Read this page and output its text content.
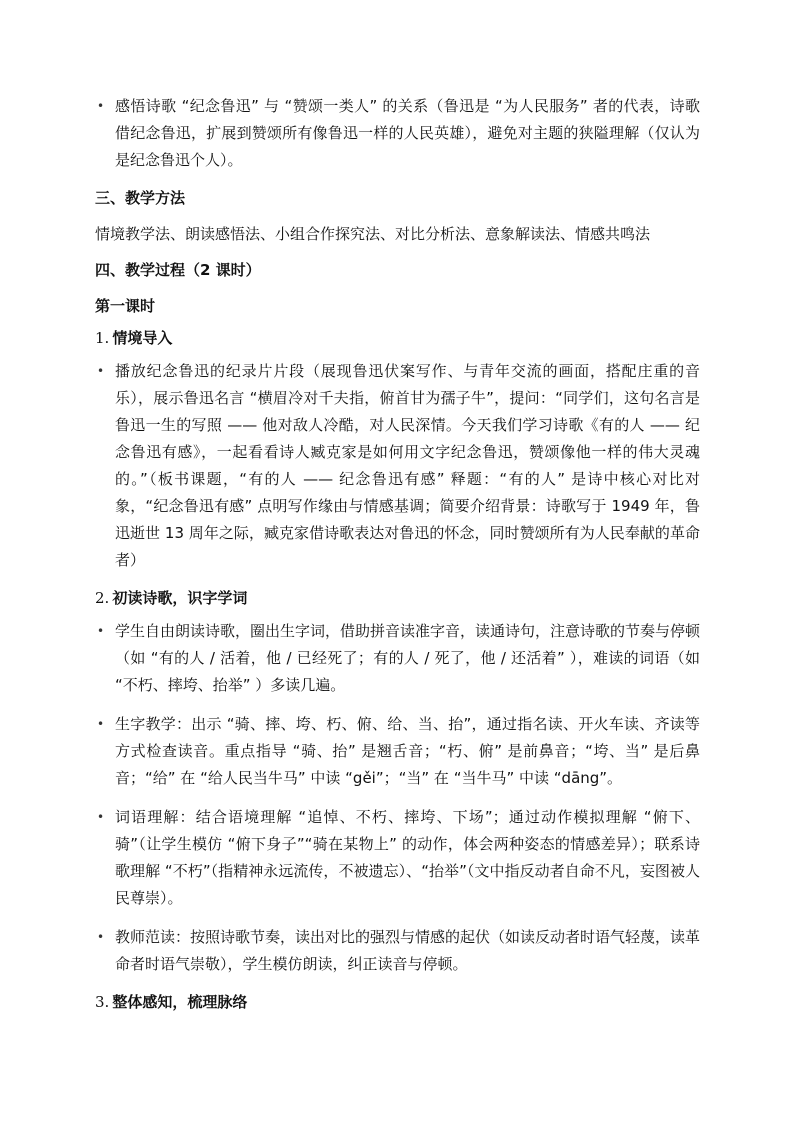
• 感悟诗歌 “纪念鲁迅” 与 “赞颂一类人” 的关系（鲁迅是 “为人民服务” 者的代表，诗歌借纪念鲁迅，扩展到赞颂所有像鲁迅一样的人民英雄），避免对主题的狭隘理解（仅认为是纪念鲁迅个人）。
三、教学方法
情境教学法、朗读感悟法、小组合作探究法、对比分析法、意象解读法、情感共鸣法
四、教学过程（2 课时）
第一课时
1. 情境导入
• 播放纪念鲁迅的纪录片片段（展现鲁迅伏案写作、与青年交流的画面，搭配庄重的音乐），展示鲁迅名言 “横眉冷对千夫指，俯首甘为孺子牛”，提问：“同学们，这句名言是鲁迅一生的写照 —— 他对敌人冷酷，对人民深情。今天我们学习诗歌《有的人 —— 纪念鲁迅有感》，一起看看诗人臧克家是如何用文字纪念鲁迅，赞颂像他一样的伟大灵魂的。”（板书课题，“有的人 —— 纪念鲁迅有感” 释题：“有的人” 是诗中核心对比对象，“纪念鲁迅有感” 点明写作缘由与情感基调；简要介绍背景：诗歌写于 1949 年，鲁迅逝世 13 周年之际，臧克家借诗歌表达对鲁迅的怀念，同时赞颂所有为人民奉献的革命者）
2. 初读诗歌，识字学词
• 学生自由朗读诗歌，圈出生字词，借助拼音读准字音，读通诗句，注意诗歌的节奏与停顿（如 “有的人 / 活着，他 / 已经死了；有的人 / 死了，他 / 还活着” ），难读的词语（如 “不朽、摔垮、抬举” ）多读几遍。
• 生字教学：出示 “骑、摔、垮、朽、俯、给、当、抬”，通过指名读、开火车读、齐读等方式检查读音。重点指导 “骑、抬” 是翘舌音；“朽、俯” 是前鼻音；“垮、当” 是后鼻音；“给” 在 “给人民当牛马” 中读 “gěi”；“当” 在 “当牛马” 中读 “dāng”。
• 词语理解：结合语境理解 “追悼、不朽、摔垮、下场”；通过动作模拟理解 “俯下、骑”（让学生模仿 “俯下身子”“骑在某物上” 的动作，体会两种姿态的情感差异）；联系诗歌理解 “不朽”（指精神永远流传，不被遗忘）、“抬举”（文中指反动者自命不凡，妄图被人民尊崇）。
• 教师范读：按照诗歌节奏，读出对比的强烈与情感的起伏（如读反动者时语气轻蔑，读革命者时语气崇敬），学生模仿朗读，纠正读音与停顿。
3. 整体感知，梳理脉络
